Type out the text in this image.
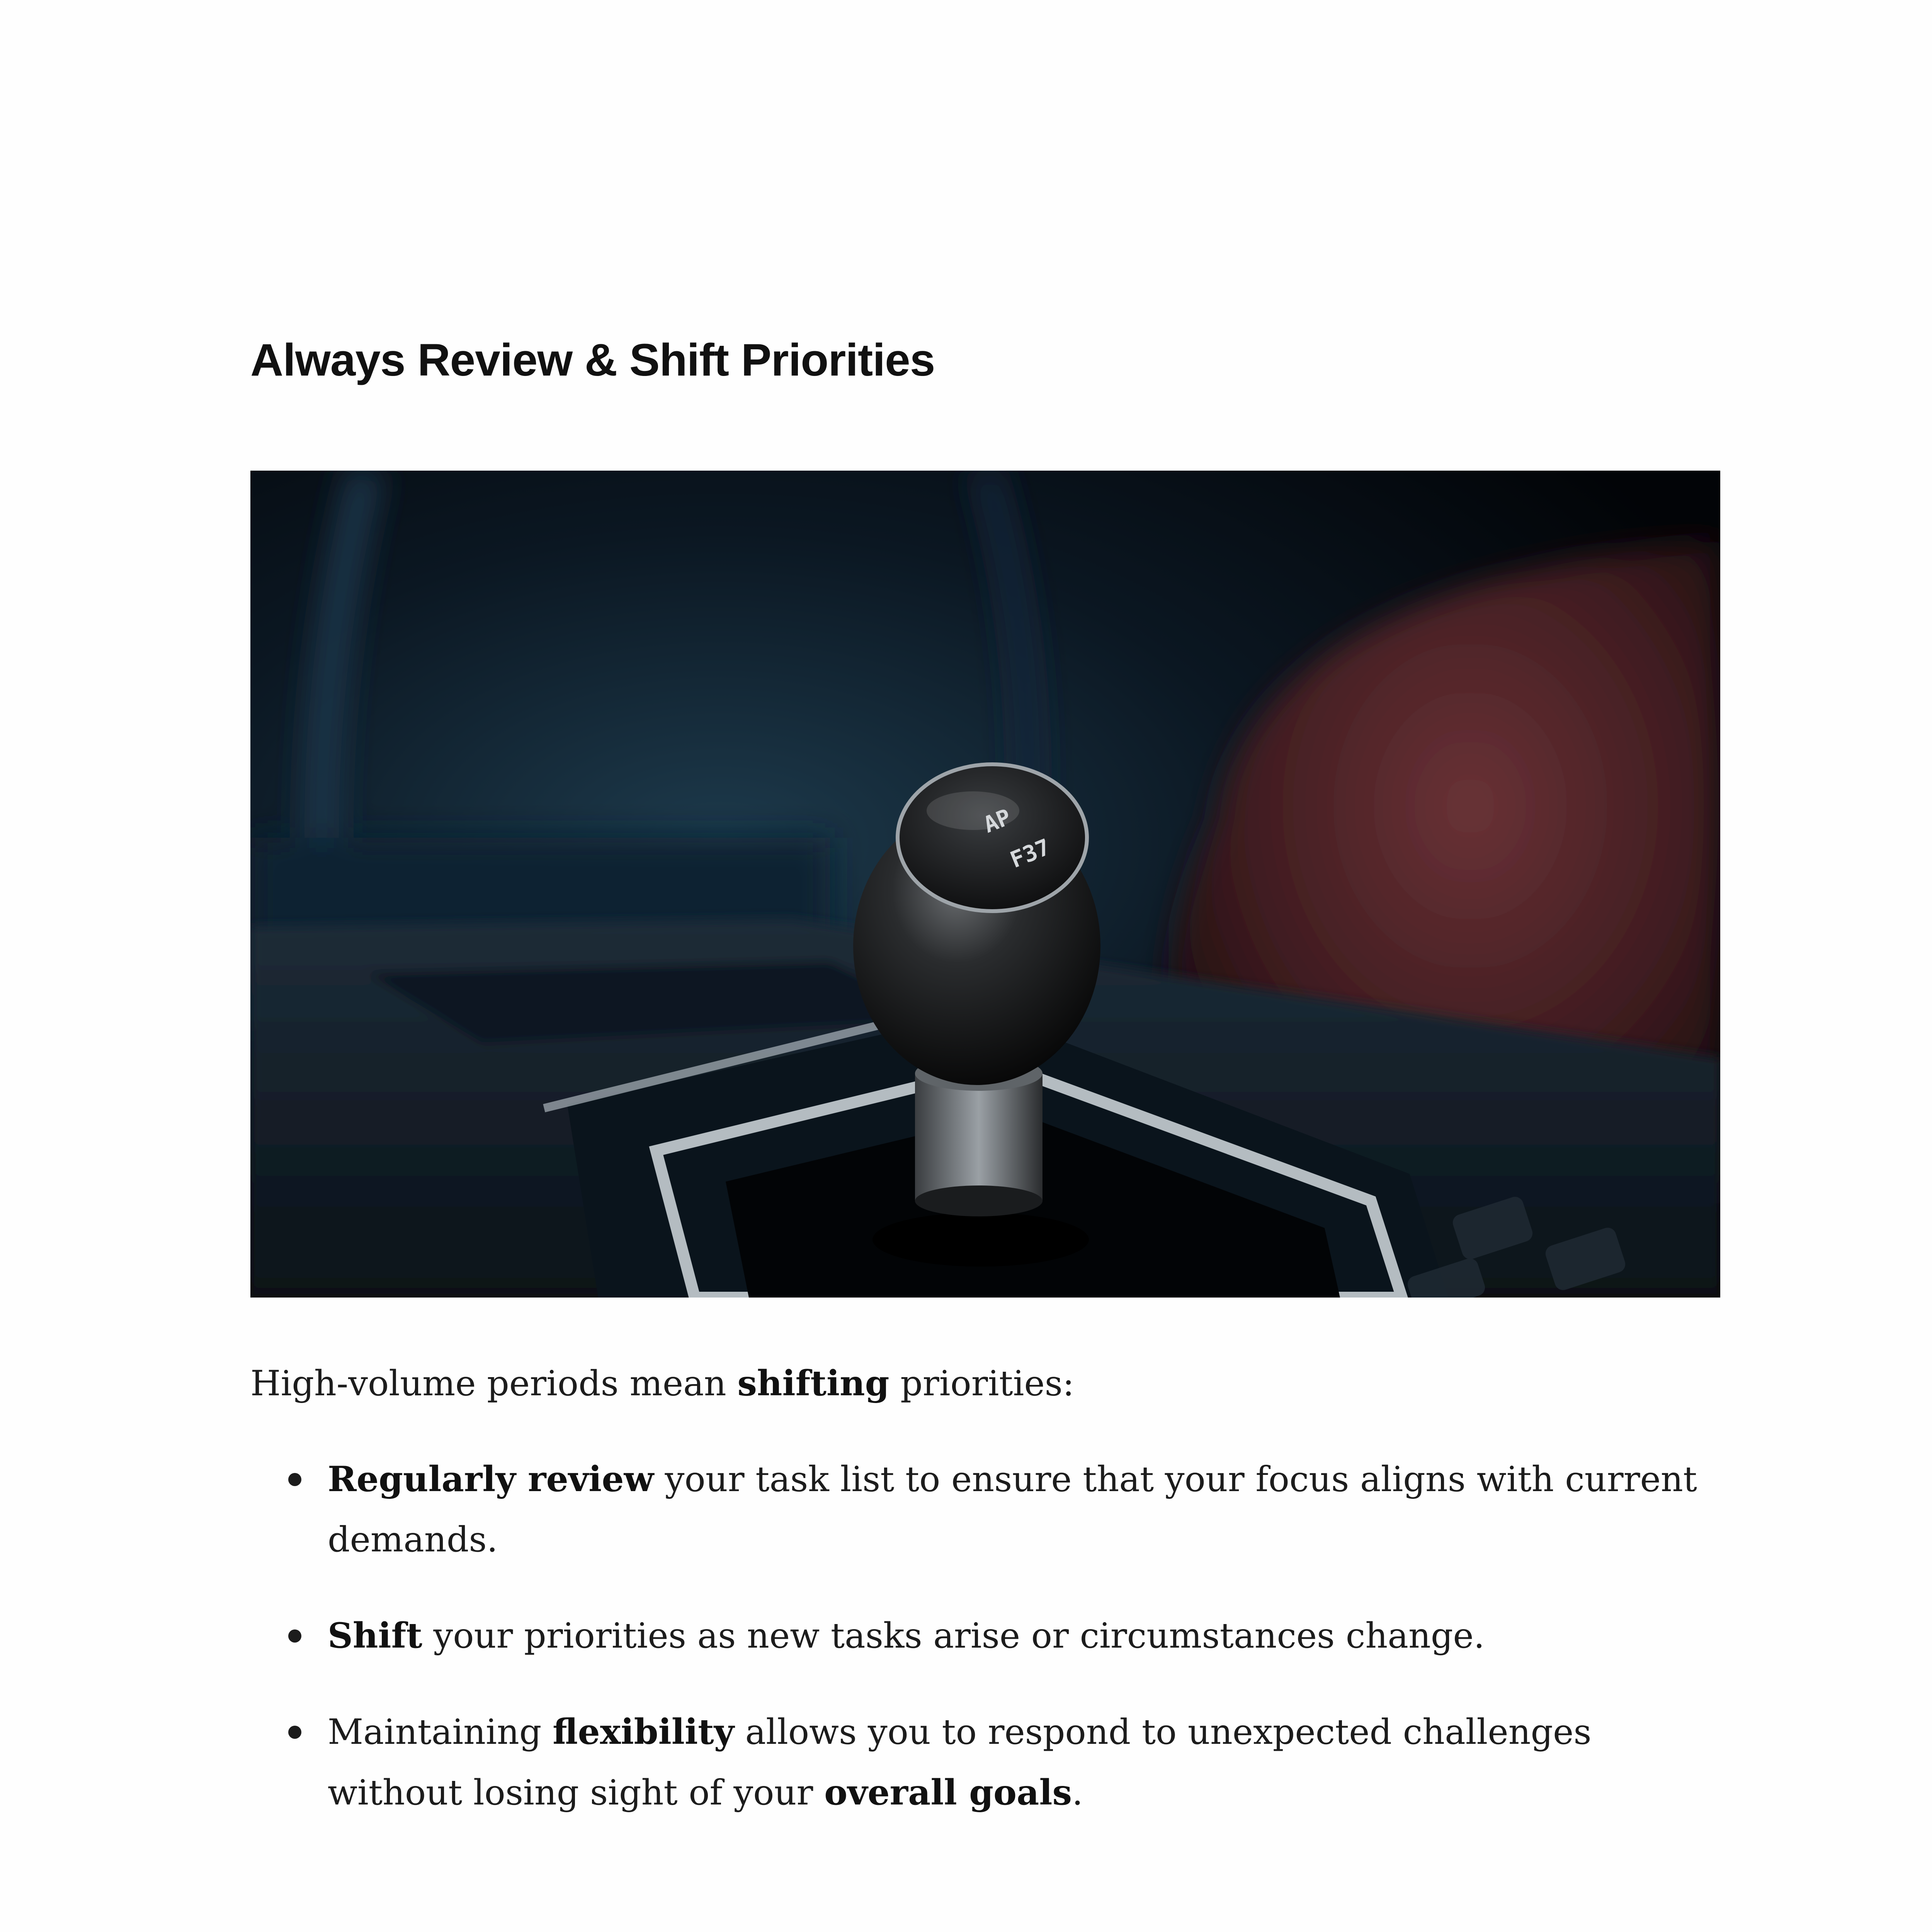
Always Review & Shift Priorities
AP
F37

High-volume periods mean shifting priorities:

Regularly review your task list to ensure that your focus aligns with current demands.
Shift your priorities as new tasks arise or circumstances change.
Maintaining flexibility allows you to respond to unexpected challenges without losing sight of your overall goals.
